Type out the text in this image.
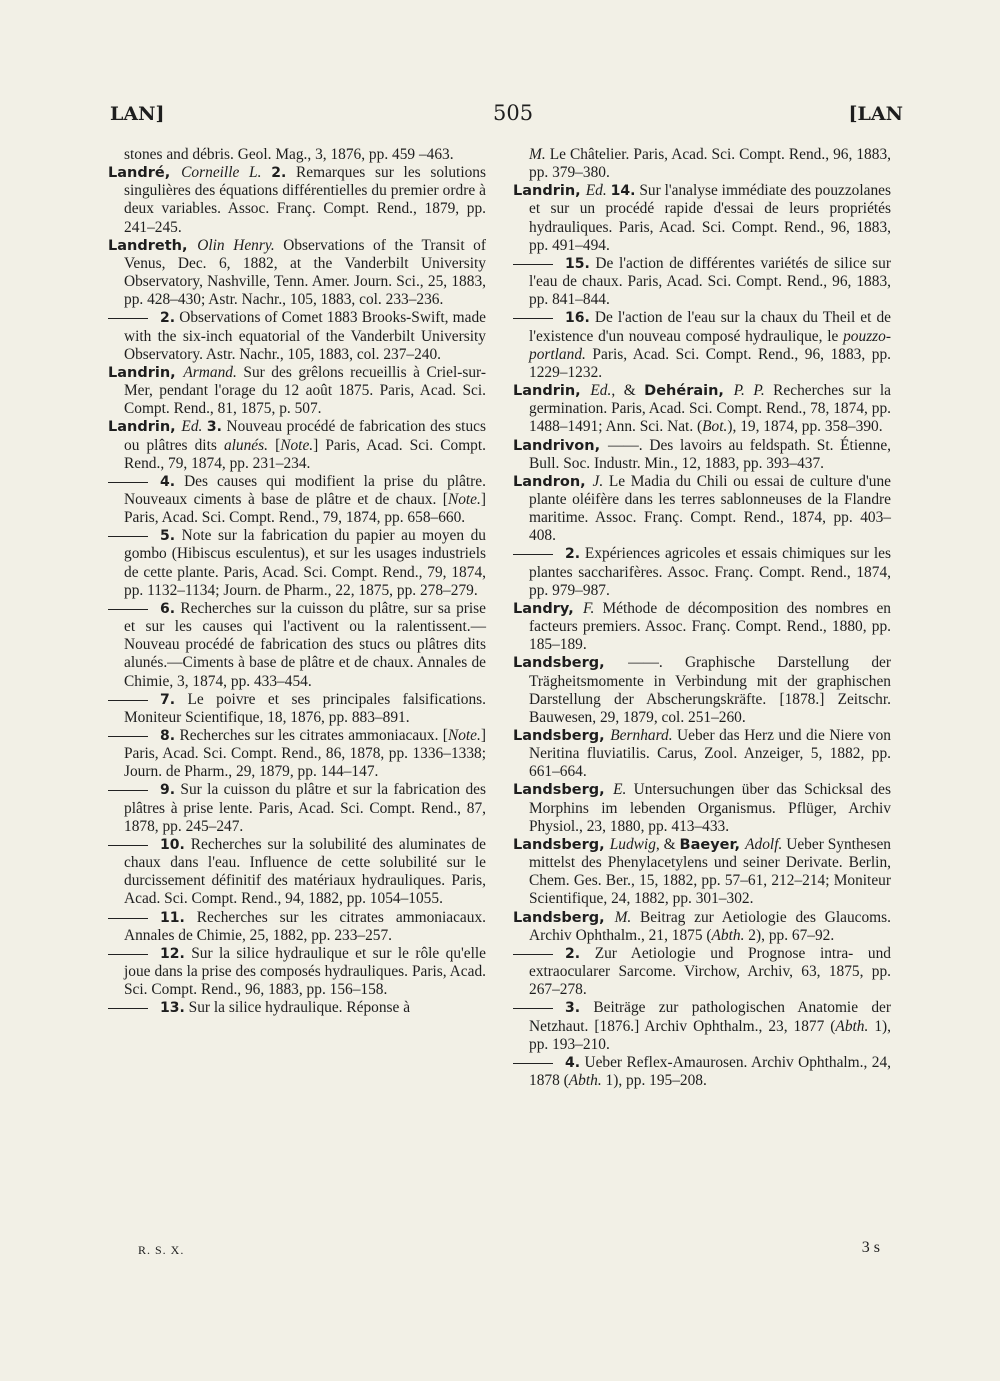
LAN]	505	[LAN

stones and débris. Geol. Mag., 3, 1876, pp. 459 –463.

Landré, Corneille L. 2. Remarques sur les solutions singulières des équations différentielles du premier ordre à deux variables. Assoc. Franç. Compt. Rend., 1879, pp. 241–245.

Landreth, Olin Henry. Observations of the Transit of Venus, Dec. 6, 1882, at the Vanderbilt University Observatory, Nashville, Tenn. Amer. Journ. Sci., 25, 1883, pp. 428–430; Astr. Nachr., 105, 1883, col. 233–236.

2. Observations of Comet 1883 Brooks-Swift, made with the six-inch equatorial of the Vanderbilt University Observatory. Astr. Nachr., 105, 1883, col. 237–240.

Landrin, Armand. Sur des grêlons recueillis à Criel-sur-Mer, pendant l'orage du 12 août 1875. Paris, Acad. Sci. Compt. Rend., 81, 1875, p. 507.

Landrin, Ed. 3. Nouveau procédé de fabrication des stucs ou plâtres dits alunés. [Note.] Paris, Acad. Sci. Compt. Rend., 79, 1874, pp. 231–234.

4. Des causes qui modifient la prise du plâtre. Nouveaux ciments à base de plâtre et de chaux. [Note.] Paris, Acad. Sci. Compt. Rend., 79, 1874, pp. 658–660.

5. Note sur la fabrication du papier au moyen du gombo (Hibiscus esculentus), et sur les usages industriels de cette plante. Paris, Acad. Sci. Compt. Rend., 79, 1874, pp. 1132–1134; Journ. de Pharm., 22, 1875, pp. 278–279.

6. Recherches sur la cuisson du plâtre, sur sa prise et sur les causes qui l'activent ou la ralentissent.—Nouveau procédé de fabrication des stucs ou plâtres dits alunés.—Ciments à base de plâtre et de chaux. Annales de Chimie, 3, 1874, pp. 433–454.

7. Le poivre et ses principales falsifications. Moniteur Scientifique, 18, 1876, pp. 883–891.

8. Recherches sur les citrates ammoniacaux. [Note.] Paris, Acad. Sci. Compt. Rend., 86, 1878, pp. 1336–1338; Journ. de Pharm., 29, 1879, pp. 144–147.

9. Sur la cuisson du plâtre et sur la fabrication des plâtres à prise lente. Paris, Acad. Sci. Compt. Rend., 87, 1878, pp. 245–247.

10. Recherches sur la solubilité des aluminates de chaux dans l'eau. Influence de cette solubilité sur le durcissement définitif des matériaux hydrauliques. Paris, Acad. Sci. Compt. Rend., 94, 1882, pp. 1054–1055.

11. Recherches sur les citrates ammoniacaux. Annales de Chimie, 25, 1882, pp. 233–257.

12. Sur la silice hydraulique et sur le rôle qu'elle joue dans la prise des composés hydrauliques. Paris, Acad. Sci. Compt. Rend., 96, 1883, pp. 156–158.

13. Sur la silice hydraulique. Réponse à

M. Le Châtelier. Paris, Acad. Sci. Compt. Rend., 96, 1883, pp. 379–380.

Landrin, Ed. 14. Sur l'analyse immédiate des pouzzolanes et sur un procédé rapide d'essai de leurs propriétés hydrauliques. Paris, Acad. Sci. Compt. Rend., 96, 1883, pp. 491–494.

15. De l'action de différentes variétés de silice sur l'eau de chaux. Paris, Acad. Sci. Compt. Rend., 96, 1883, pp. 841–844.

16. De l'action de l'eau sur la chaux du Theil et de l'existence d'un nouveau composé hydraulique, le pouzzo-portland. Paris, Acad. Sci. Compt. Rend., 96, 1883, pp. 1229–1232.

Landrin, Ed., & Dehérain, P. P. Recherches sur la germination. Paris, Acad. Sci. Compt. Rend., 78, 1874, pp. 1488–1491; Ann. Sci. Nat. (Bot.), 19, 1874, pp. 358–390.

Landrivon, ——. Des lavoirs au feldspath. St. Étienne, Bull. Soc. Industr. Min., 12, 1883, pp. 393–437.

Landron, J. Le Madia du Chili ou essai de culture d'une plante oléifère dans les terres sablonneuses de la Flandre maritime. Assoc. Franç. Compt. Rend., 1874, pp. 403–408.

2. Expériences agricoles et essais chimiques sur les plantes saccharifères. Assoc. Franç. Compt. Rend., 1874, pp. 979–987.

Landry, F. Méthode de décomposition des nombres en facteurs premiers. Assoc. Franç. Compt. Rend., 1880, pp. 185–189.

Landsberg, ——. Graphische Darstellung der Trägheitsmomente in Verbindung mit der graphischen Darstellung der Abscherungskräfte. [1878.] Zeitschr. Bauwesen, 29, 1879, col. 251–260.

Landsberg, Bernhard. Ueber das Herz und die Niere von Neritina fluviatilis. Carus, Zool. Anzeiger, 5, 1882, pp. 661–664.

Landsberg, E. Untersuchungen über das Schicksal des Morphins im lebenden Organismus. Pflüger, Archiv Physiol., 23, 1880, pp. 413–433.

Landsberg, Ludwig, & Baeyer, Adolf. Ueber Synthesen mittelst des Phenylacetylens und seiner Derivate. Berlin, Chem. Ges. Ber., 15, 1882, pp. 57–61, 212–214; Moniteur Scientifique, 24, 1882, pp. 301–302.

Landsberg, M. Beitrag zur Aetiologie des Glaucoms. Archiv Ophthalm., 21, 1875 (Abth. 2), pp. 67–92.

2. Zur Aetiologie und Prognose intra- und extraocularer Sarcome. Virchow, Archiv, 63, 1875, pp. 267–278.

3. Beiträge zur pathologischen Anatomie der Netzhaut. [1876.] Archiv Ophthalm., 23, 1877 (Abth. 1), pp. 193–210.

4. Ueber Reflex-Amaurosen. Archiv Ophthalm., 24, 1878 (Abth. 1), pp. 195–208.

R. S. X.	3 s
